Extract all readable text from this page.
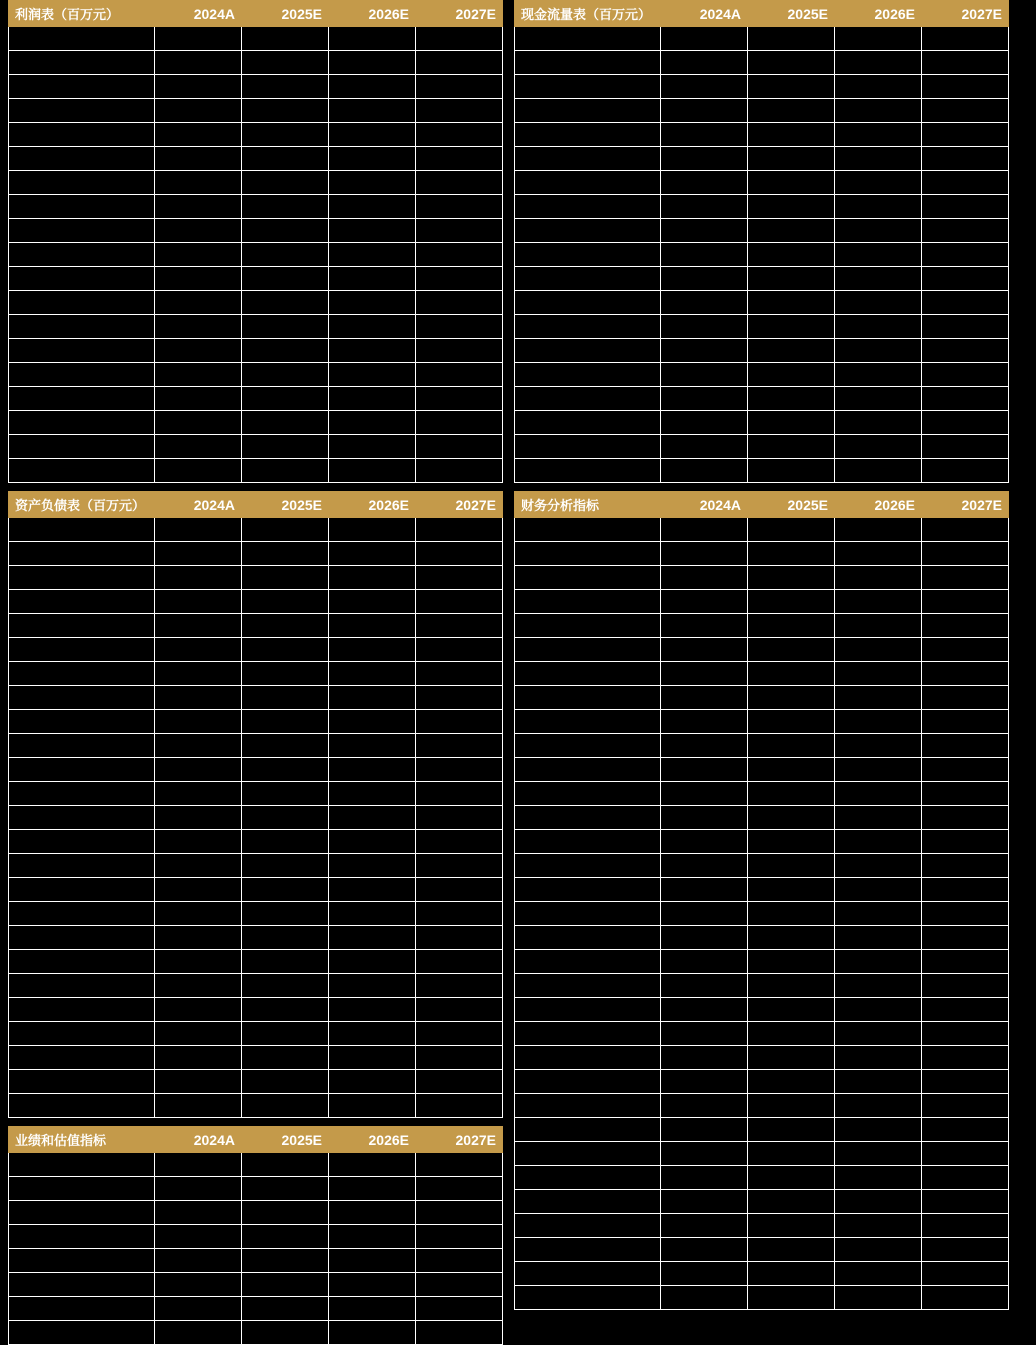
利润表（百万元）	2024A	2025E	2026E	2027E

资产负债表（百万元）	2024A	2025E	2026E	2027E

业绩和估值指标	2024A	2025E	2026E	2027E

现金流量表（百万元）	2024A	2025E	2026E	2027E

财务分析指标	2024A	2025E	2026E	2027E
